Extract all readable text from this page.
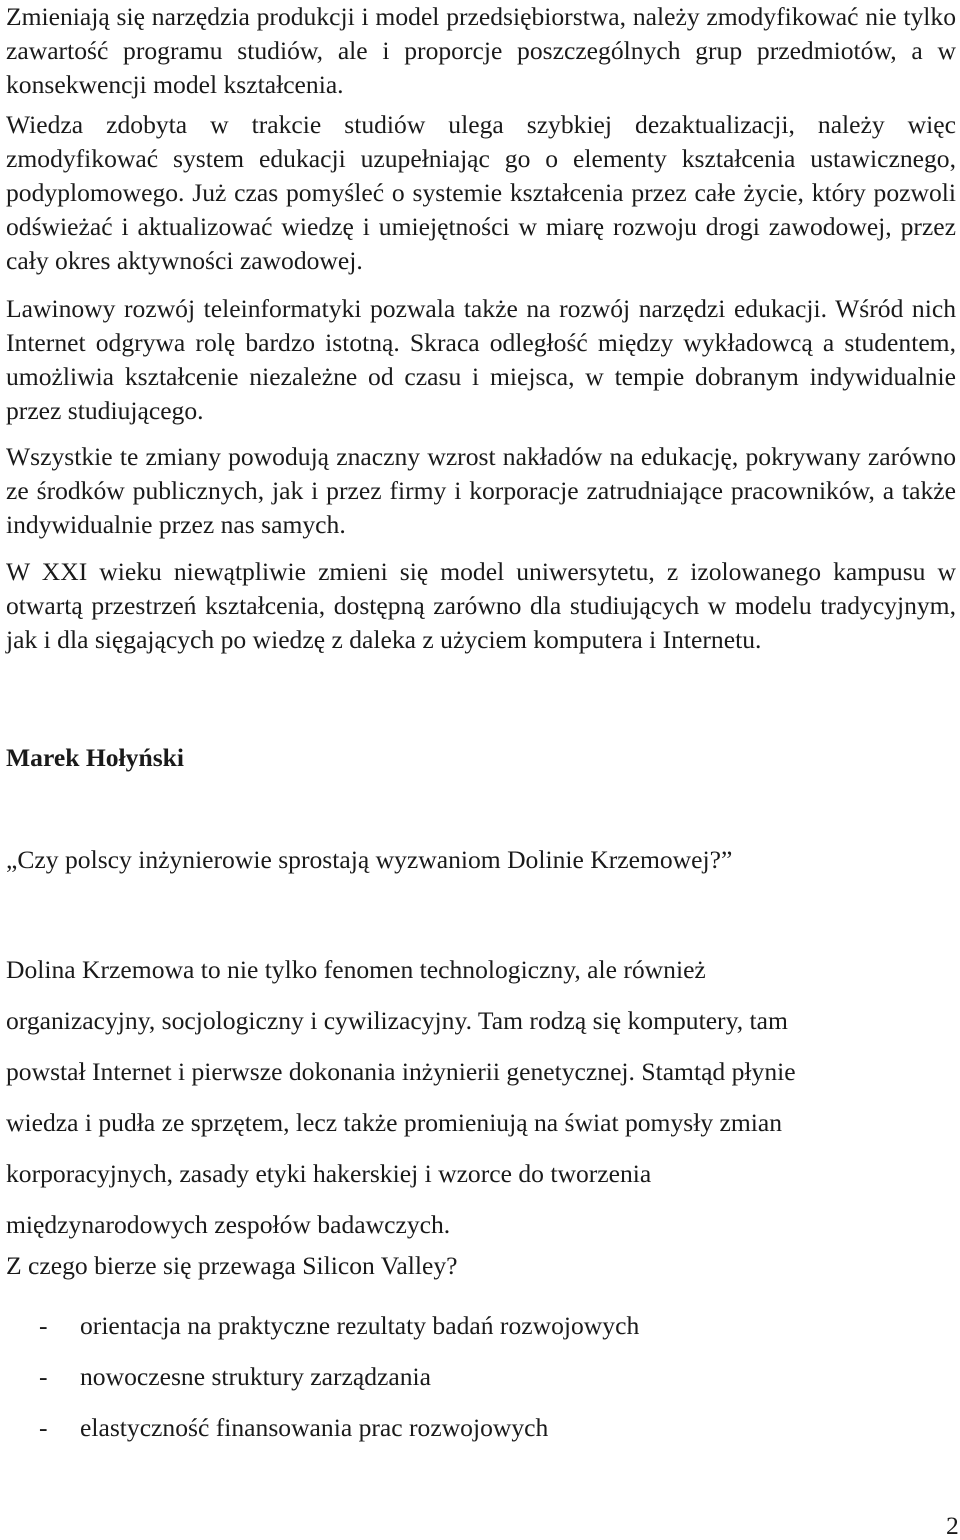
Zmieniają się narzędzia produkcji i model przedsiębiorstwa, należy zmodyfikować nie tylko zawartość programu studiów, ale i proporcje poszczególnych grup przedmiotów, a w konsekwencji model kształcenia.

Wiedza zdobyta w trakcie studiów ulega szybkiej dezaktualizacji, należy więc zmodyfikować system edukacji uzupełniając go o elementy kształcenia ustawicznego, podyplomowego. Już czas pomyśleć o systemie kształcenia przez całe życie, który pozwoli odświeżać i aktualizować wiedzę i umiejętności w miarę rozwoju drogi zawodowej, przez cały okres aktywności zawodowej.

Lawinowy rozwój teleinformatyki pozwala także na rozwój narzędzi edukacji. Wśród nich Internet odgrywa rolę bardzo istotną. Skraca odległość między wykładowcą a studentem, umożliwia kształcenie niezależne od czasu i miejsca, w tempie dobranym indywidualnie przez studiującego.

Wszystkie te zmiany powodują znaczny wzrost nakładów na edukację, pokrywany zarówno ze środków publicznych, jak i przez firmy i korporacje zatrudniające pracowników, a także indywidualnie przez nas samych.

W XXI wieku niewątpliwie zmieni się model uniwersytetu, z izolowanego kampusu w otwartą przestrzeń kształcenia, dostępną zarówno dla studiujących w modelu tradycyjnym, jak i dla sięgających po wiedzę z daleka z użyciem komputera i Internetu.

Marek Hołyński

„Czy polscy inżynierowie sprostają wyzwaniom Dolinie Krzemowej?”

Dolina Krzemowa to nie tylko fenomen technologiczny, ale również organizacyjny, socjologiczny i cywilizacyjny. Tam rodzą się komputery, tam powstał Internet i pierwsze dokonania inżynierii genetycznej. Stamtąd płynie wiedza i pudła ze sprzętem, lecz także promieniują na świat pomysły zmian korporacyjnych, zasady etyki hakerskiej i wzorce do tworzenia międzynarodowych zespołów badawczych.

Z czego bierze się przewaga Silicon Valley?

-	orientacja na praktyczne rezultaty badań rozwojowych
-	nowoczesne struktury zarządzania
-	elastyczność finansowania prac rozwojowych

2
